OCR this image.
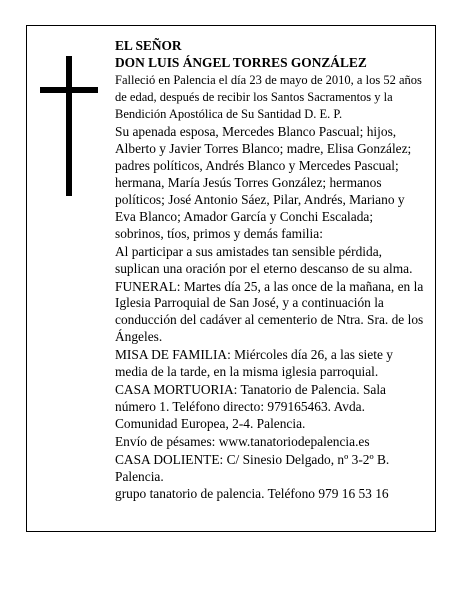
EL SEÑOR
DON LUIS ÁNGEL TORRES GONZÁLEZ

Falleció en Palencia el día 23 de mayo de 2010, a los 52 años de edad, después de recibir los Santos Sacramentos y la Bendición Apostólica de Su Santidad D. E. P.

Su apenada esposa, Mercedes Blanco Pascual; hijos, Alberto y Javier Torres Blanco; madre, Elisa González; padres políticos, Andrés Blanco y Mercedes Pascual; hermana, María Jesús Torres González; hermanos políticos; José Antonio Sáez, Pilar, Andrés, Mariano y Eva Blanco; Amador García y Conchi Escalada; sobrinos, tíos, primos y demás familia:

Al participar a sus amistades tan sensible pérdida, suplican una oración por el eterno descanso de su alma.

FUNERAL: Martes día 25, a las once de la mañana, en la Iglesia Parroquial de San José, y a continuación la conducción del cadáver al cementerio de Ntra. Sra. de los Ángeles.

MISA DE FAMILIA: Miércoles día 26, a las siete y media de la tarde, en la misma iglesia parroquial.

CASA MORTUORIA: Tanatorio de Palencia. Sala número 1. Teléfono directo: 979165463. Avda. Comunidad Europea, 2-4. Palencia.

Envío de pésames: www.tanatoriodepalencia.es

CASA DOLIENTE: C/ Sinesio Delgado, nº 3-2º B. Palencia.

grupo tanatorio de palencia. Teléfono 979 16 53 16
